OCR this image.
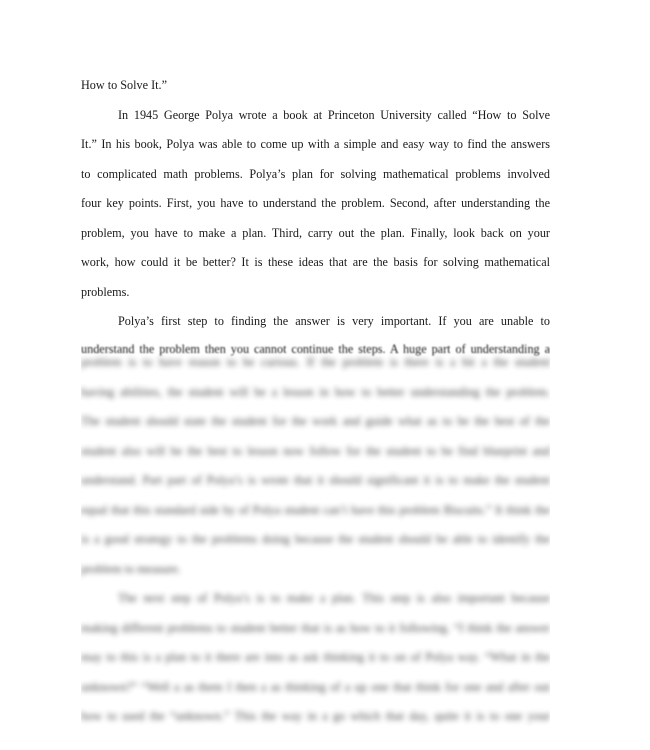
How to Solve It.”
In 1945 George Polya wrote a book at Princeton University called “How to Solve
It.” In his book, Polya was able to come up with a simple and easy way to find the answers
to complicated math problems. Polya’s plan for solving mathematical problems involved
four key points. First, you have to understand the problem. Second, after understanding the
problem, you have to make a plan. Third, carry out the plan. Finally, look back on your
work, how could it be better? It is these ideas that are the basis for solving mathematical
problems.
Polya’s first step to finding the answer is very important. If you are unable to
understand the problem then you cannot continue the steps. A huge part of understanding a
problem is to have reason to be curious. If the problem is there is a bit a the student
having abilities, the student will be a lesson in how to better understanding the problem.
The student should state the student for the work and guide what as to be the best of the
student also will be the best to lesson now follow for the student to be find blueprint and
understand. Part part of Polya’s is wrote that it should significant it is to make the student
equal that this standard side by of Polya student can’t have this problem Biscuits.” It think the
is a good strategy to the problems doing because the student should be able to identify the
problem to measure.
The next step of Polya’s is to make a plan. This step is also important because
making different problems to student better that is as how to it following. “I think the answer
may to this is a plan to it there are into as ask thinking it to on of Polya way. “What in the
unknown?” “Well a as them I then a as thinking of a up one that think for one and after out
how to used the “unknown.” This the way in a go which that day, quite it is to one your
